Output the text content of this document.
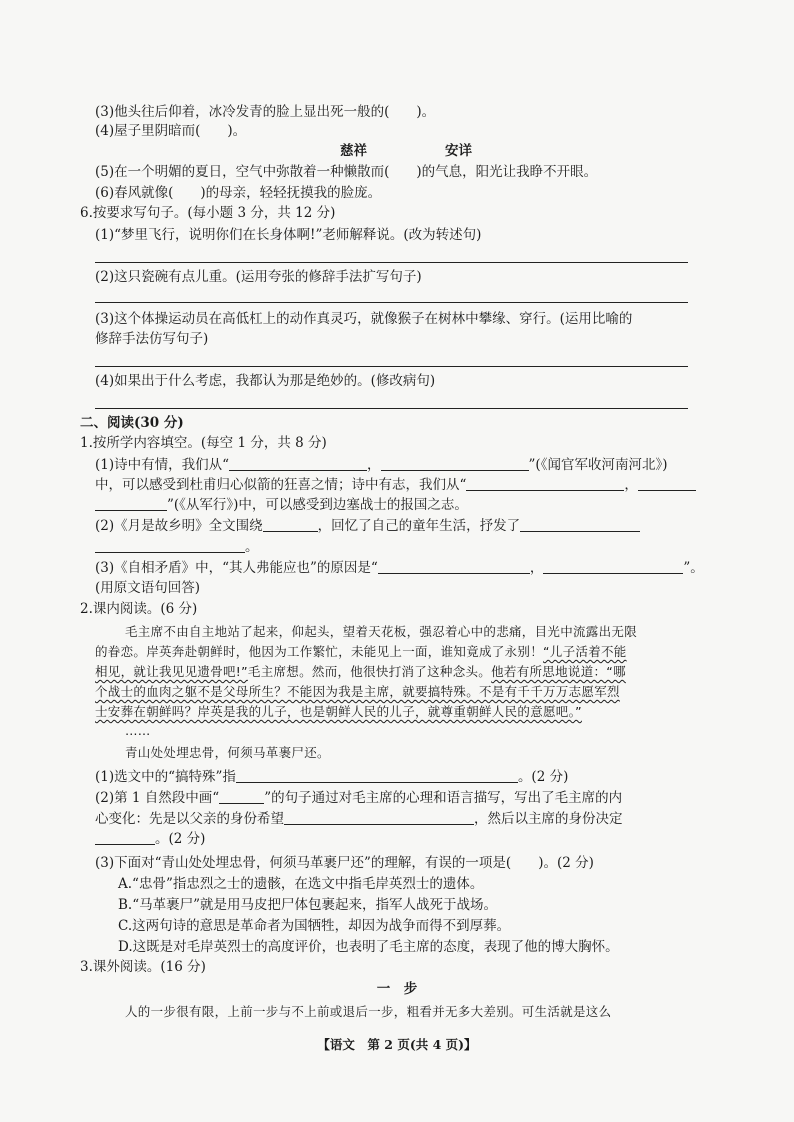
(3)他头往后仰着，冰冷发青的脸上显出死一般的(　　)。
(4)屋子里阴暗而(　　)。
慈祥	安详
(5)在一个明媚的夏日，空气中弥散着一种懒散而(　　)的气息，阳光让我睁不开眼。
(6)春风就像(　　)的母亲，轻轻抚摸我的脸庞。
6.按要求写句子。(每小题 3 分，共 12 分)
(1)“梦里飞行，说明你们在长身体啊!”老师解释说。(改为转述句)
(2)这只瓷碗有点儿重。(运用夸张的修辞手法扩写句子)
(3)这个体操运动员在高低杠上的动作真灵巧，就像猴子在树林中攀缘、穿行。(运用比喻的
修辞手法仿写句子)
(4)如果出于什么考虑，我都认为那是绝妙的。(修改病句)
二、阅读(30 分)
1.按所学内容填空。(每空 1 分，共 8 分)
(1)诗中有情，我们从“	，	”(《闻官军收河南河北》)
中，可以感受到杜甫归心似箭的狂喜之情；诗中有志，我们从“	，
”(《从军行》)中，可以感受到边塞战士的报国之志。
(2)《月是故乡明》全文围绕	，回忆了自己的童年生活，抒发了
。
(3)《自相矛盾》中，“其人弗能应也”的原因是“	，	”。
(用原文语句回答)
2.课内阅读。(6 分)
毛主席不由自主地站了起来，仰起头，望着天花板，强忍着心中的悲痛，目光中流露出无限
的眷恋。岸英奔赴朝鲜时，他因为工作繁忙，未能见上一面，谁知竟成了永别！“儿子活着不能
相见，就让我见见遗骨吧!”毛主席想。然而，他很快打消了这种念头。他若有所思地说道：“哪
个战士的血肉之躯不是父母所生？不能因为我是主席，就要搞特殊。不是有千千万万志愿军烈
士安葬在朝鲜吗？岸英是我的儿子，也是朝鲜人民的儿子，就尊重朝鲜人民的意愿吧。”
……
青山处处埋忠骨，何须马革裹尸还。
(1)选文中的“搞特殊”指	。(2 分)
(2)第 1 自然段中画“	”的句子通过对毛主席的心理和语言描写，写出了毛主席的内
心变化：先是以父亲的身份希望	，然后以主席的身份决定
。(2 分)
(3)下面对“青山处处埋忠骨，何须马革裹尸还”的理解，有误的一项是(　　)。(2 分)
A.“忠骨”指忠烈之士的遗骸，在选文中指毛岸英烈士的遗体。
B.“马革裹尸”就是用马皮把尸体包裹起来，指军人战死于战场。
C.这两句诗的意思是革命者为国牺牲，却因为战争而得不到厚葬。
D.这既是对毛岸英烈士的高度评价，也表明了毛主席的态度，表现了他的博大胸怀。
3.课外阅读。(16 分)
一　步
人的一步很有限，上前一步与不上前或退后一步，粗看并无多大差别。可生活就是这么
【语文　第 2 页(共 4 页)】
